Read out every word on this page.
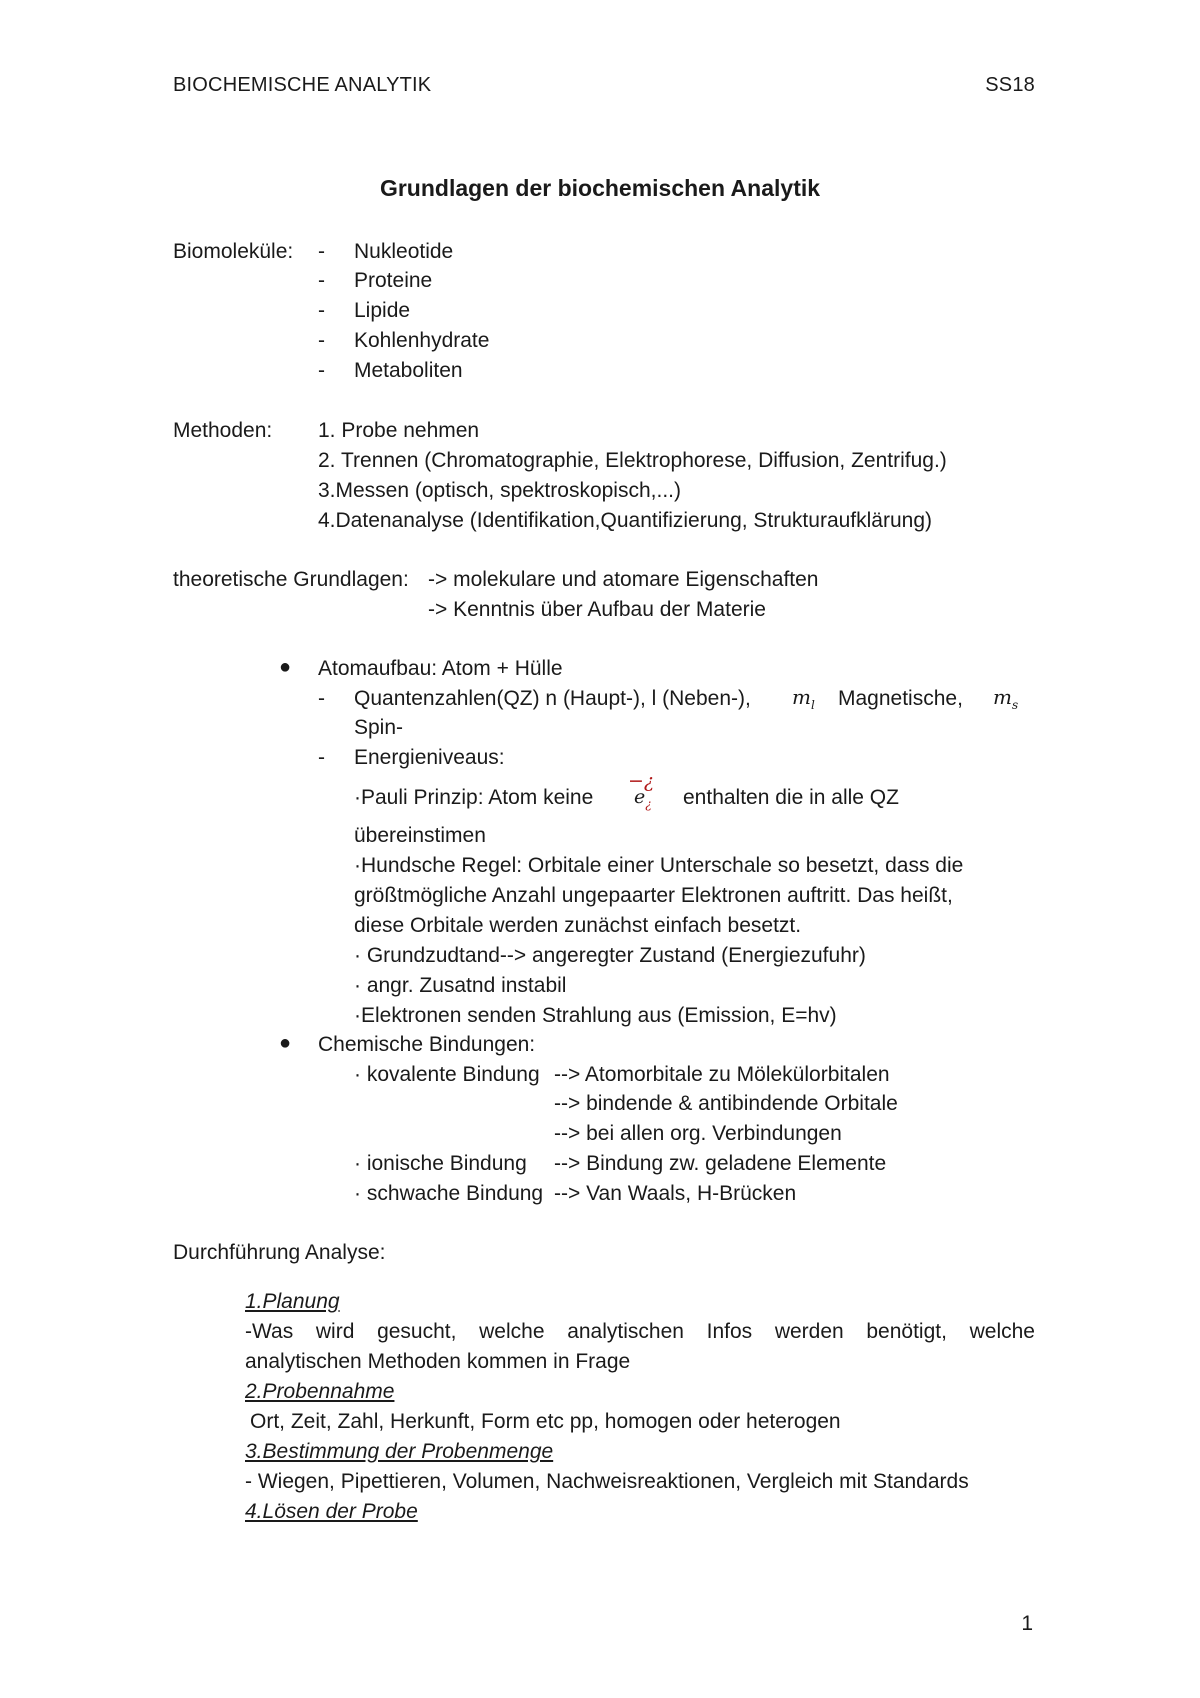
BIOCHEMISCHE ANALYTIK	SS18
Grundlagen der biochemischen Analytik
Biomoleküle: - Nukleotide
- Proteine
- Lipide
- Kohlenhydrate
- Metaboliten
Methoden: 1. Probe nehmen
2. Trennen (Chromatographie, Elektrophorese, Diffusion, Zentrifug.)
3.Messen (optisch, spektroskopisch,...)
4.Datenanalyse (Identifikation,Quantifizierung, Strukturaufklärung)
theoretische Grundlagen: -> molekulare und atomare Eigenschaften
-> Kenntnis über Aufbau der Materie
● Atomaufbau: Atom + Hülle
- Quantenzahlen(QZ) n (Haupt-), l (Neben-), $m_l$ Magnetische, $m_s$
Spin-
- Energieniveaus:
·Pauli Prinzip: Atom keine
−¿
$e_¿$ enthalten die in alle QZ
übereinstimen
·Hundsche Regel: Orbitale einer Unterschale so besetzt, dass die
größtmögliche Anzahl ungepaarter Elektronen auftritt. Das heißt,
diese Orbitale werden zunächst einfach besetzt.
· Grundzudtand--> angeregter Zustand (Energiezufuhr)
· angr. Zusatnd instabil
·Elektronen senden Strahlung aus (Emission, E=hv)
● Chemische Bindungen:
· kovalente Bindung --> Atomorbitale zu Mölekülorbitalen
--> bindende & antibindende Orbitale
--> bei allen org. Verbindungen
· ionische Bindung --> Bindung zw. geladene Elemente
· schwache Bindung --> Van Waals, H-Brücken
Durchführung Analyse:
1.Planung
-Was wird gesucht, welche analytischen Infos werden benötigt, welche
analytischen Methoden kommen in Frage
2.Probennahme
Ort, Zeit, Zahl, Herkunft, Form etc pp, homogen oder heterogen
3.Bestimmung der Probenmenge
- Wiegen, Pipettieren, Volumen, Nachweisreaktionen, Vergleich mit Standards
4.Lösen der Probe
1
